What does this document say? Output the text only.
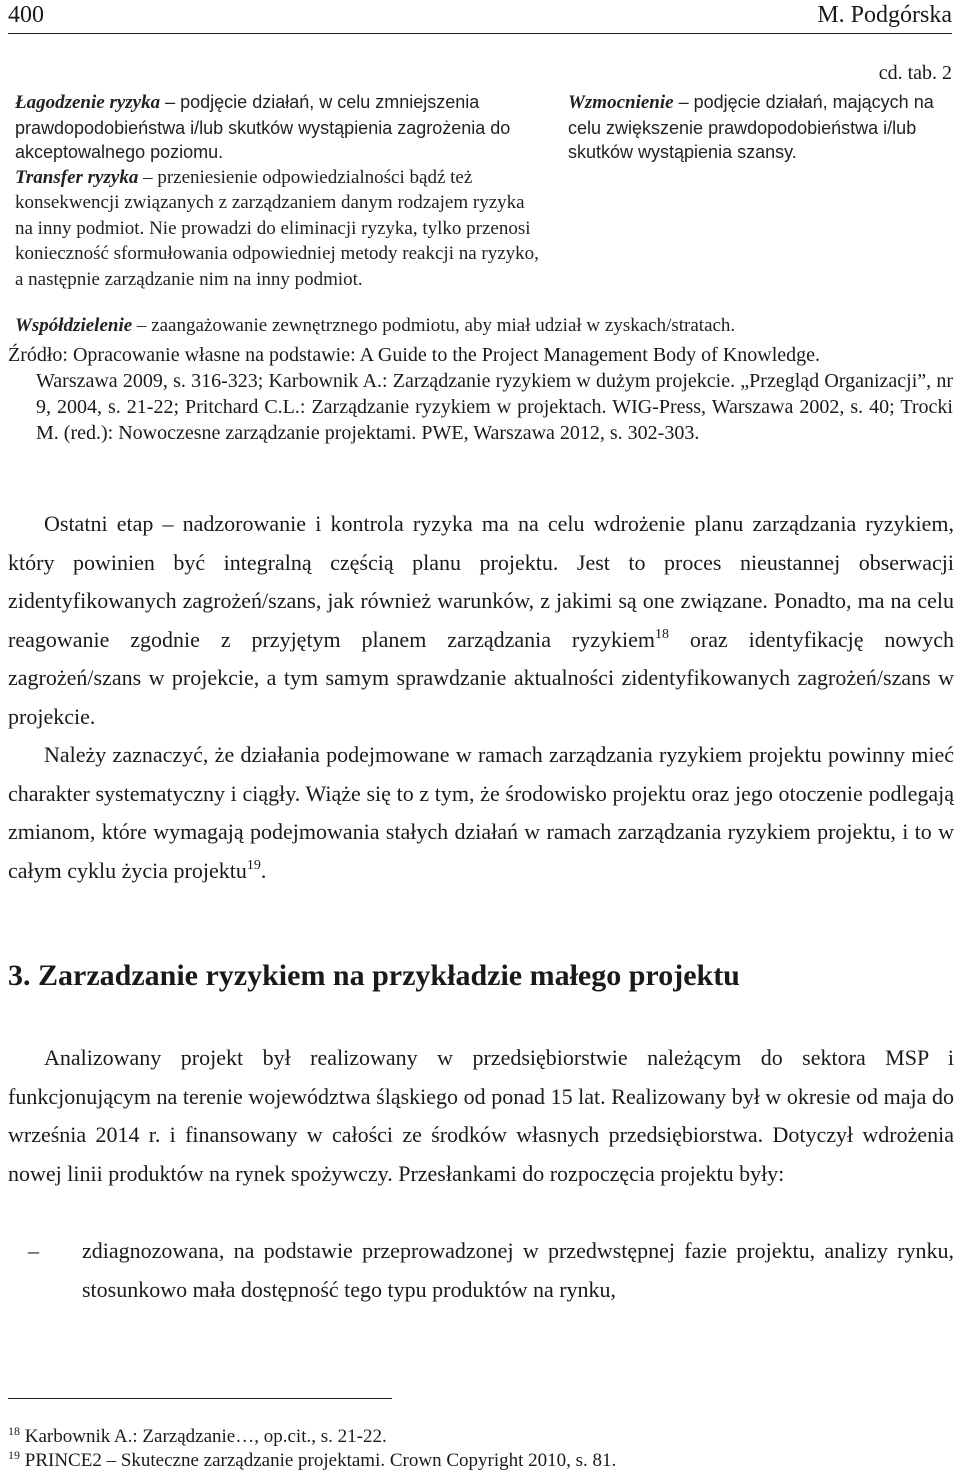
400	M. Podgórska
cd. tab. 2
Łagodzenie ryzyka – podjęcie działań, w celu zmniejszenia prawdopodobieństwa i/lub skutków wystąpienia zagrożenia do akceptowalnego poziomu.
Transfer ryzyka – przeniesienie odpowiedzialności bądź też konsekwencji związanych z zarządzaniem danym rodzajem ryzyka na inny podmiot. Nie prowadzi do eliminacji ryzyka, tylko przenosi konieczność sformułowania odpowiedniej metody reakcji na ryzyko, a następnie zarządzanie nim na inny podmiot.
Wzmocnienie – podjęcie działań, mających na celu zwiększenie prawdopodobieństwa i/lub skutków wystąpienia szansy.
Współdzielenie – zaangażowanie zewnętrznego podmiotu, aby miał udział w zyskach/stratach.

Źródło: Opracowanie własne na podstawie: A Guide to the Project Management Body of Knowledge.

Warszawa 2009, s. 316-323; Karbownik A.: Zarządzanie ryzykiem w dużym projekcie. „Przegląd Organizacji”, nr 9, 2004, s. 21-22; Pritchard C.L.: Zarządzanie ryzykiem w projektach. WIG-Press, Warszawa 2002, s. 40; Trocki M. (red.): Nowoczesne zarządzanie projektami. PWE, Warszawa 2012, s. 302-303.

Ostatni etap – nadzorowanie i kontrola ryzyka ma na celu wdrożenie planu zarządzania ryzykiem, który powinien być integralną częścią planu projektu. Jest to proces nieustannej obserwacji zidentyfikowanych zagrożeń/szans, jak również warunków, z jakimi są one związane. Ponadto, ma na celu reagowanie zgodnie z przyjętym planem zarządzania ryzykiem$^{18}$ oraz identyfikację nowych zagrożeń/szans w projekcie, a tym samym sprawdzanie aktualności zidentyfikowanych zagrożeń/szans w projekcie.

Należy zaznaczyć, że działania podejmowane w ramach zarządzania ryzykiem projektu powinny mieć charakter systematyczny i ciągły. Wiąże się to z tym, że środowisko projektu oraz jego otoczenie podlegają zmianom, które wymagają podejmowania stałych działań w ramach zarządzania ryzykiem projektu, i to w całym cyklu życia projektu$^{19}$.

3. Zarzadzanie ryzykiem na przykładzie małego projektu

Analizowany projekt był realizowany w przedsiębiorstwie należącym do sektora MSP i funkcjonującym na terenie województwa śląskiego od ponad 15 lat. Realizowany był w okresie od maja do września 2014 r. i finansowany w całości ze środków własnych przedsiębiorstwa. Dotyczył wdrożenia nowej linii produktów na rynek spożywczy. Przesłankami do rozpoczęcia projektu były:

– zdiagnozowana, na podstawie przeprowadzonej w przedwstępnej fazie projektu, analizy rynku, stosunkowo mała dostępność tego typu produktów na rynku,
$^{18}$ Karbownik A.: Zarządzanie…, op.cit., s. 21-22.
$^{19}$ PRINCE2 – Skuteczne zarządzanie projektami. Crown Copyright 2010, s. 81.
